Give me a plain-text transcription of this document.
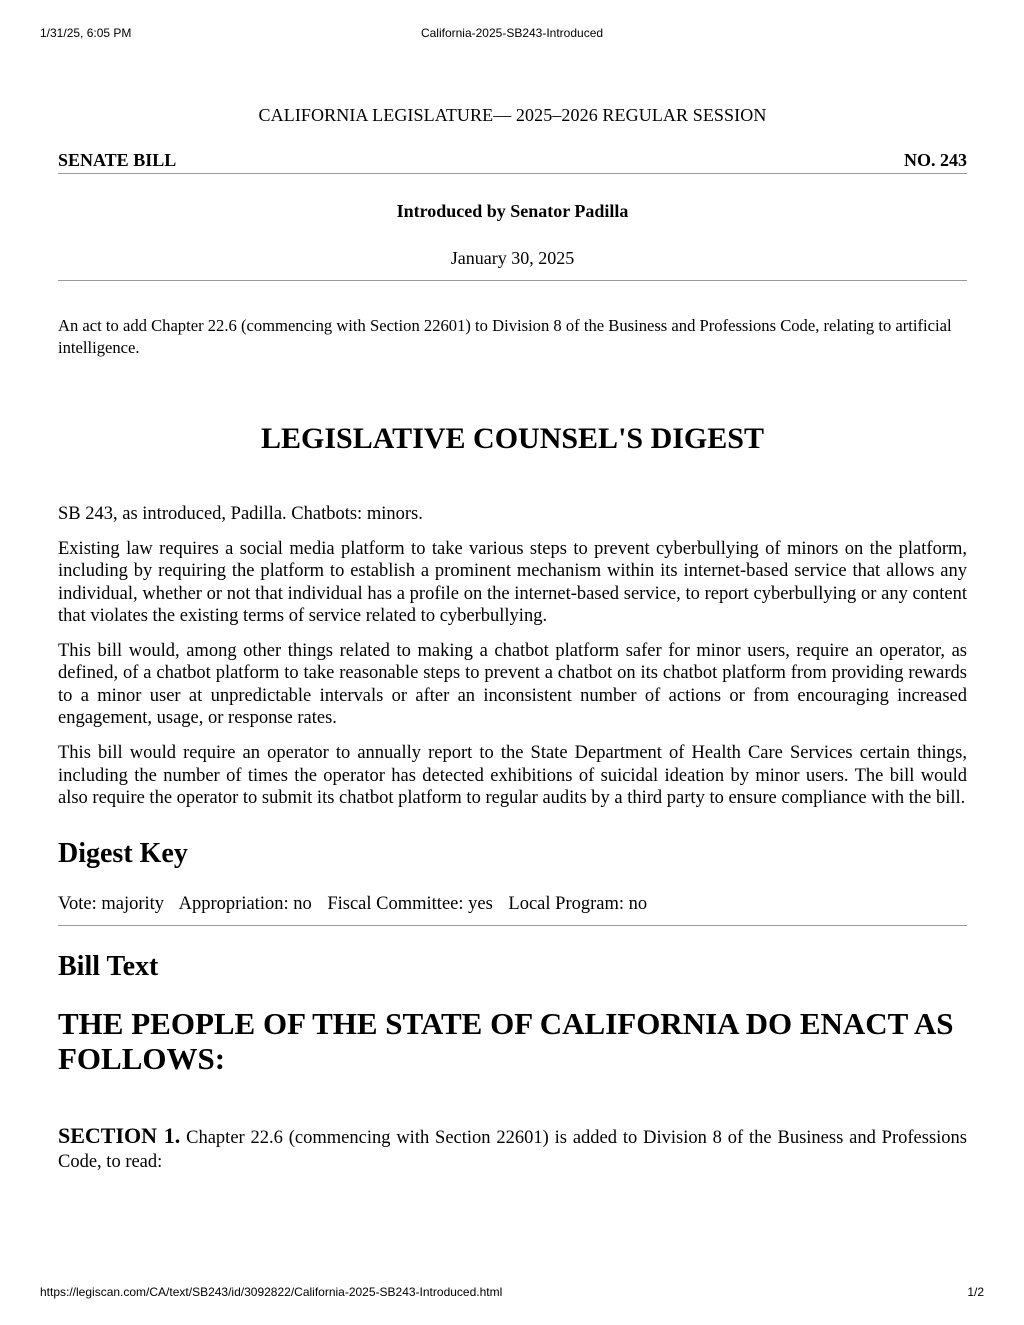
1/31/25, 6:05 PM	California-2025-SB243-Introduced
CALIFORNIA LEGISLATURE— 2025–2026 REGULAR SESSION
SENATE BILL	NO. 243
Introduced by Senator Padilla
January 30, 2025
An act to add Chapter 22.6 (commencing with Section 22601) to Division 8 of the Business and Professions Code, relating to artificial intelligence.
LEGISLATIVE COUNSEL'S DIGEST
SB 243, as introduced, Padilla. Chatbots: minors.

Existing law requires a social media platform to take various steps to prevent cyberbullying of minors on the platform, including by requiring the platform to establish a prominent mechanism within its internet-based service that allows any individual, whether or not that individual has a profile on the internet-based service, to report cyberbullying or any content that violates the existing terms of service related to cyberbullying.

This bill would, among other things related to making a chatbot platform safer for minor users, require an operator, as defined, of a chatbot platform to take reasonable steps to prevent a chatbot on its chatbot platform from providing rewards to a minor user at unpredictable intervals or after an inconsistent number of actions or from encouraging increased engagement, usage, or response rates.

This bill would require an operator to annually report to the State Department of Health Care Services certain things, including the number of times the operator has detected exhibitions of suicidal ideation by minor users. The bill would also require the operator to submit its chatbot platform to regular audits by a third party to ensure compliance with the bill.

Digest Key
Vote: majority Appropriation: no Fiscal Committee: yes Local Program: no
Bill Text
THE PEOPLE OF THE STATE OF CALIFORNIA DO ENACT AS FOLLOWS:
SECTION 1. Chapter 22.6 (commencing with Section 22601) is added to Division 8 of the Business and Professions Code, to read:
https://legiscan.com/CA/text/SB243/id/3092822/California-2025-SB243-Introduced.html	1/2
